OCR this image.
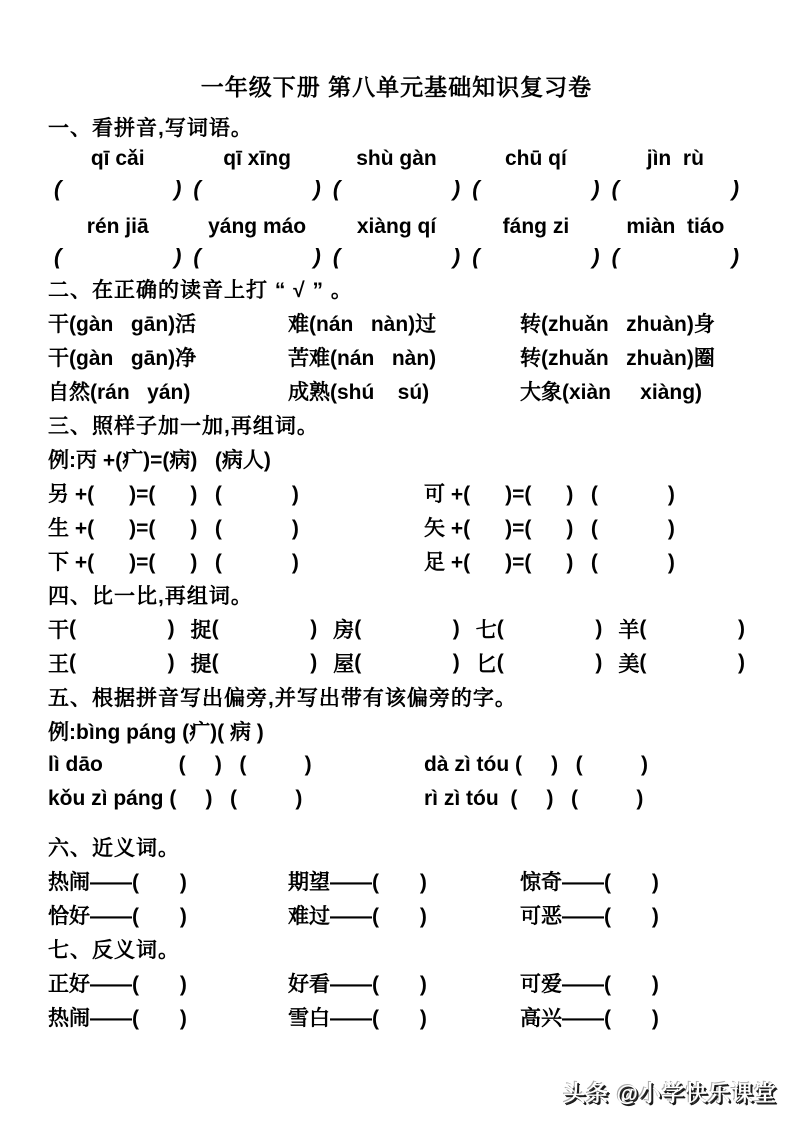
一年级下册 第八单元基础知识复习卷
一、看拼音,写词语。
qī cǎi	qī xīng	shù gàn	chū qí	jìn  rù
(	) (	) (	) (	) (	)
rén jiā	yáng máo	xiàng qí	fáng zi	miàn  tiáo
(	) (	) (	) (	) (	)
二、在正确的读音上打 “ √ ” 。
干(gàn   gān)活	难(nán   nàn)过	转(zhuǎn   zhuàn)身
干(gàn   gān)净	苦难(nán   nàn)	转(zhuǎn   zhuàn)圈
自然(rán   yán)	成熟(shú    sú)	大象(xiàn     xiàng)
三、照样子加一加,再组词。
例:丙 +(疒)=(病)   (病人)
另 +(      )=(      )   (            )	可 +(      )=(      )   (            )
生 +(      )=(      )   (            )	矢 +(      )=(      )   (            )
下 +(      )=(      )   (            )	足 +(      )=(      )   (            )
四、比一比,再组词。
干 (	) 捉 (	) 房 (	) 七 (	) 羊 (	)
王 (	) 提 (	) 屋 (	) 匕 (	) 美 (	)
五、根据拼音写出偏旁,并写出带有该偏旁的字。
例:bìng páng (疒)( 病 )
lì dāo             (     )   (          )	dà zì tóu (     )   (          )
kǒu zì páng (     )   (          )	rì zì tóu  (     )   (          )
六、近义词。
热闹——(       )	期望——(       )	惊奇——(       )
恰好——(       )	难过——(       )	可恶——(       )
七、反义词。
正好——(       )	好看——(       )	可爱——(       )
热闹——(       )	雪白——(       )	高兴——(       )
头条 @小学快乐课堂
